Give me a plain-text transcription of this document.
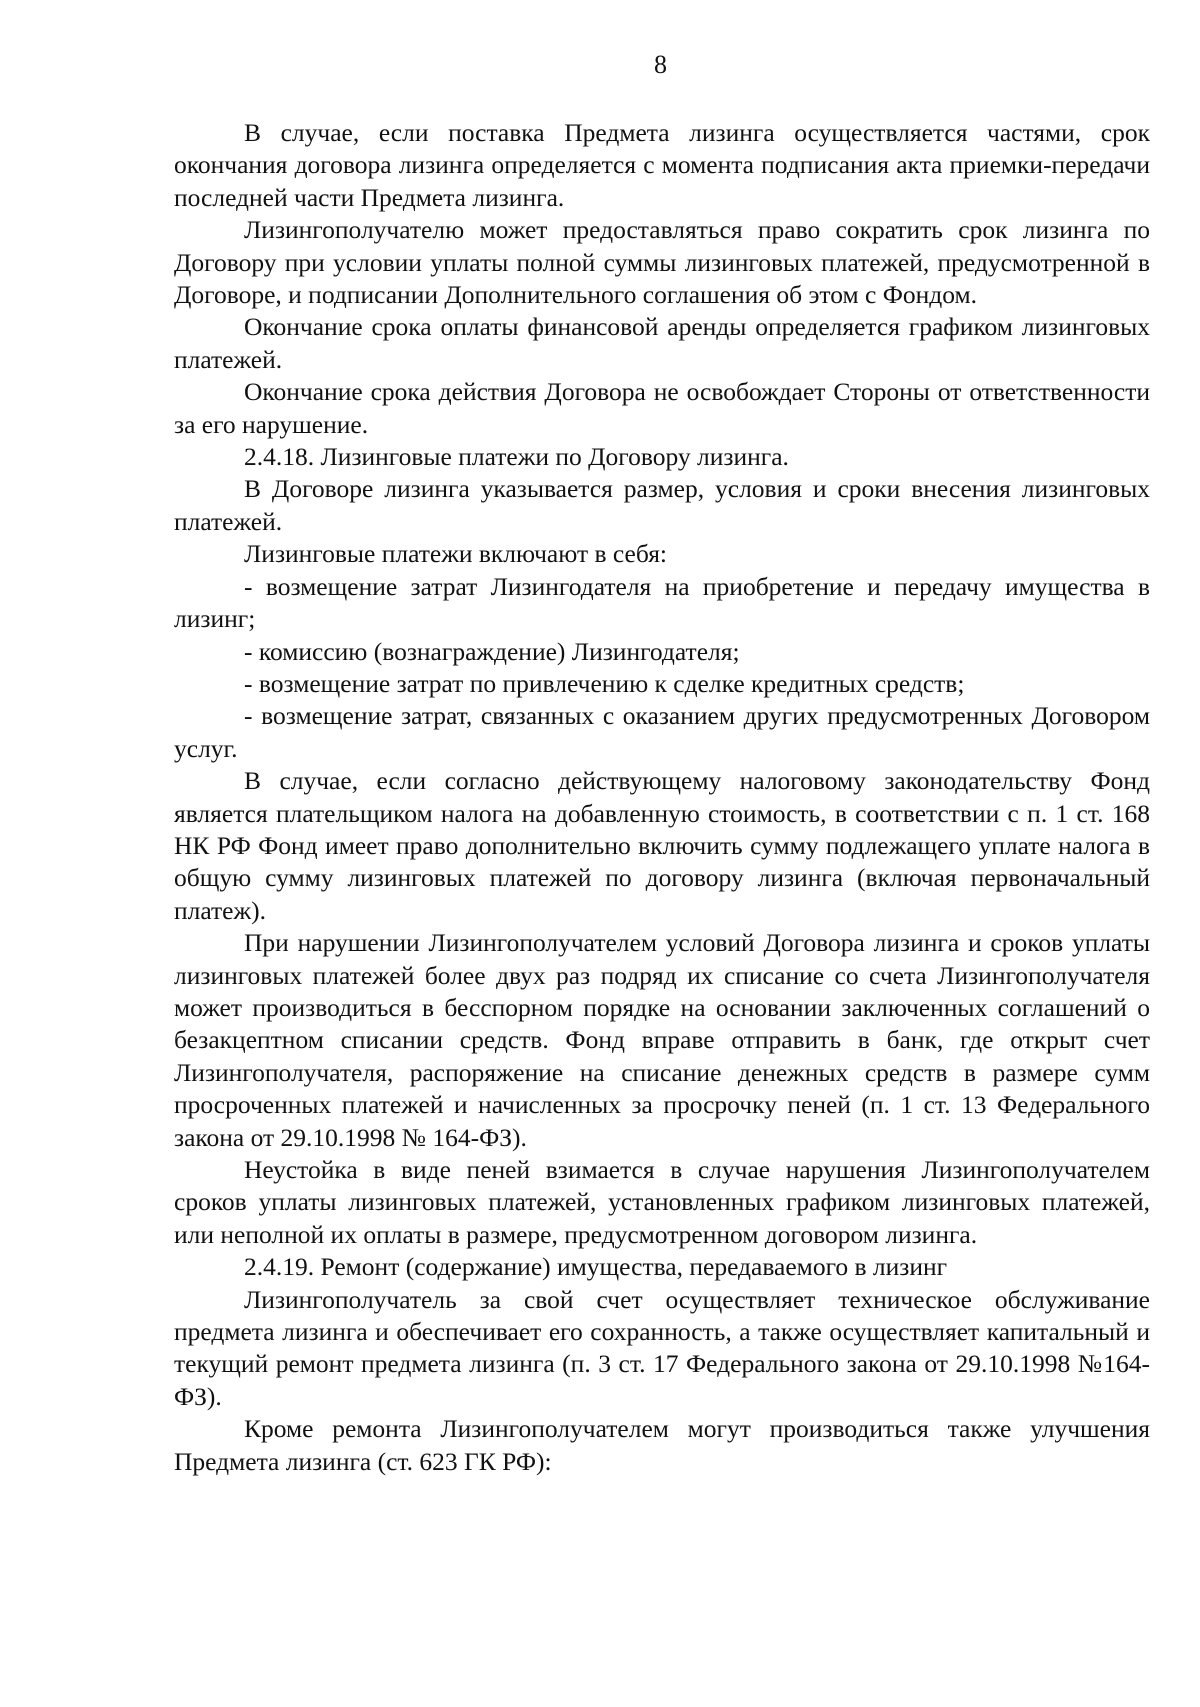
8

В случае, если поставка Предмета лизинга осуществляется частями, срок окончания договора лизинга определяется с момента подписания акта приемки-передачи последней части Предмета лизинга.

Лизингополучателю может предоставляться право сократить срок лизинга по Договору при условии уплаты полной суммы лизинговых платежей, предусмотренной в Договоре, и подписании Дополнительного соглашения об этом с Фондом.

Окончание срока оплаты финансовой аренды определяется графиком лизинговых платежей.

Окончание срока действия Договора не освобождает Стороны от ответственности за его нарушение.

2.4.18. Лизинговые платежи по Договору лизинга.

В Договоре лизинга указывается размер, условия и сроки внесения лизинговых платежей.

Лизинговые платежи включают в себя:

- возмещение затрат Лизингодателя на приобретение и передачу имущества в лизинг;

- комиссию (вознаграждение) Лизингодателя;

- возмещение затрат по привлечению к сделке кредитных средств;

- возмещение затрат, связанных с оказанием других предусмотренных Договором услуг.

В случае, если согласно действующему налоговому законодательству Фонд является плательщиком налога на добавленную стоимость, в соответствии с п. 1 ст. 168 НК РФ Фонд имеет право дополнительно включить сумму подлежащего уплате налога в общую сумму лизинговых платежей по договору лизинга (включая первоначальный платеж).

При нарушении Лизингополучателем условий Договора лизинга и сроков уплаты лизинговых платежей более двух раз подряд их списание со счета Лизингополучателя может производиться в бесспорном порядке на основании заключенных соглашений о безакцептном списании средств. Фонд вправе отправить в банк, где открыт счет Лизингополучателя, распоряжение на списание денежных средств в размере сумм просроченных платежей и начисленных за просрочку пеней (п. 1 ст. 13 Федерального закона от 29.10.1998 № 164-ФЗ).

Неустойка в виде пеней взимается в случае нарушения Лизингополучателем сроков уплаты лизинговых платежей, установленных графиком лизинговых платежей, или неполной их оплаты в размере, предусмотренном договором лизинга.

2.4.19. Ремонт (содержание) имущества, передаваемого в лизинг

Лизингополучатель за свой счет осуществляет техническое обслуживание предмета лизинга и обеспечивает его сохранность, а также осуществляет капитальный и текущий ремонт предмета лизинга (п. 3 ст. 17 Федерального закона от 29.10.1998 №164-ФЗ).

Кроме ремонта Лизингополучателем могут производиться также улучшения Предмета лизинга (ст. 623 ГК РФ):
